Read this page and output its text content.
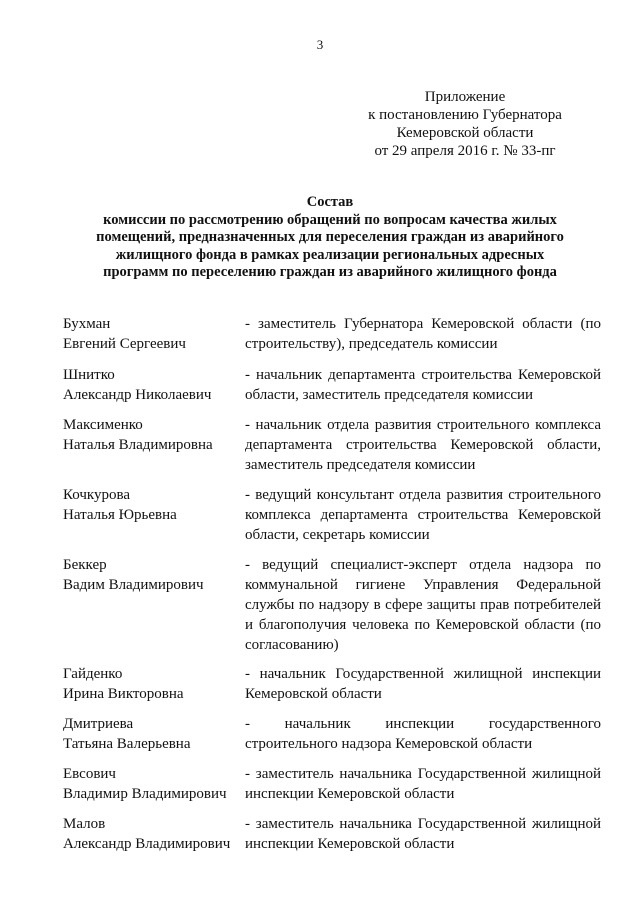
3
Приложение
к постановлению Губернатора
Кемеровской области
от 29 апреля 2016 г. № 33-пг
Состав
комиссии по рассмотрению обращений по вопросам качества жилых
помещений, предназначенных для переселения граждан из аварийного
жилищного фонда в рамках реализации региональных адресных
программ по переселению граждан из аварийного жилищного фонда
Бухман
Евгений Сергеевич
- заместитель Губернатора Кемеровской области (по строительству), председатель комиссии
Шнитко
Александр Николаевич
- начальник департамента строительства Кемеровской области, заместитель председателя комиссии
Максименко
Наталья Владимировна
- начальник отдела развития строительного комплекса департамента строительства Кемеровской области, заместитель председателя комиссии
Кочкурова
Наталья Юрьевна
- ведущий консультант отдела развития строительного комплекса департамента строительства Кемеровской области, секретарь комиссии
Беккер
Вадим Владимирович
- ведущий специалист-эксперт отдела надзора по коммунальной гигиене Управления Федеральной службы по надзору в сфере защиты прав потребителей и благополучия человека по Кемеровской области (по согласованию)
Гайденко
Ирина Викторовна
- начальник Государственной жилищной инспекции Кемеровской области
Дмитриева
Татьяна Валерьевна
- начальник инспекции государственного строительного надзора Кемеровской области
Евсович
Владимир Владимирович
- заместитель начальника Государственной жилищной инспекции Кемеровской области
Малов
Александр Владимирович
- заместитель начальника Государственной жилищной инспекции Кемеровской области
